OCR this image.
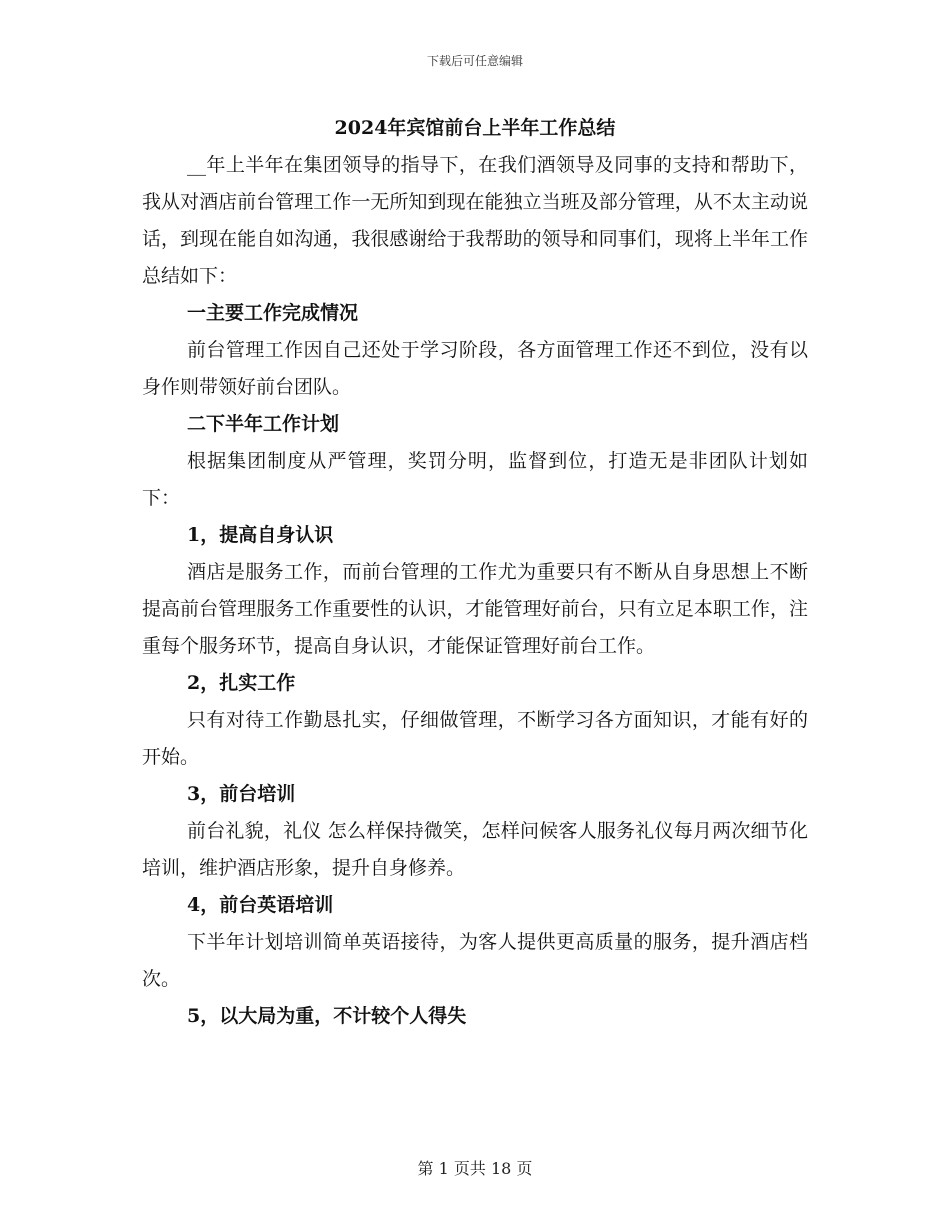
下载后可任意编辑
2024年宾馆前台上半年工作总结

__年上半年在集团领导的指导下，在我们酒领导及同事的支持和帮助下，我从对酒店前台管理工作一无所知到现在能独立当班及部分管理，从不太主动说话，到现在能自如沟通，我很感谢给于我帮助的领导和同事们，现将上半年工作总结如下：

一主要工作完成情况

前台管理工作因自己还处于学习阶段，各方面管理工作还不到位，没有以身作则带领好前台团队。

二下半年工作计划

根据集团制度从严管理，奖罚分明，监督到位，打造无是非团队计划如下：

1，提高自身认识

酒店是服务工作，而前台管理的工作尤为重要只有不断从自身思想上不断提高前台管理服务工作重要性的认识，才能管理好前台，只有立足本职工作，注重每个服务环节，提高自身认识，才能保证管理好前台工作。

2，扎实工作

只有对待工作勤恳扎实，仔细做管理，不断学习各方面知识，才能有好的开始。

3，前台培训

前台礼貌，礼仪 怎么样保持微笑，怎样问候客人服务礼仪每月两次细节化培训，维护酒店形象，提升自身修养。

4，前台英语培训

下半年计划培训简单英语接待，为客人提供更高质量的服务，提升酒店档次。

5，以大局为重，不计较个人得失

第 1 页共 18 页
